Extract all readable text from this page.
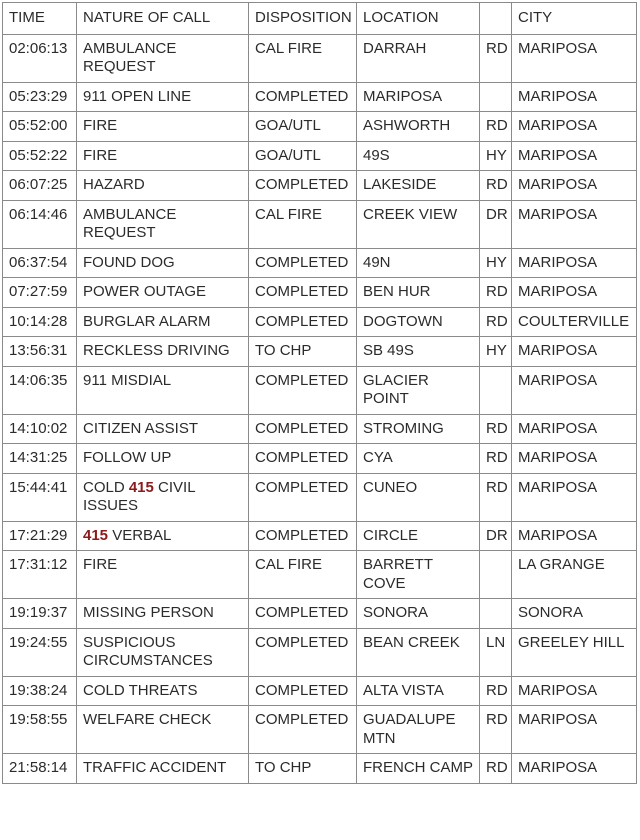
TIME	NATURE OF CALL	DISPOSITION	LOCATION		CITY
02:06:13	AMBULANCE REQUEST	CAL FIRE	DARRAH	RD	MARIPOSA
05:23:29	911 OPEN LINE	COMPLETED	MARIPOSA		MARIPOSA
05:52:00	FIRE	GOA/UTL	ASHWORTH	RD	MARIPOSA
05:52:22	FIRE	GOA/UTL	49S	HY	MARIPOSA
06:07:25	HAZARD	COMPLETED	LAKESIDE	RD	MARIPOSA
06:14:46	AMBULANCE REQUEST	CAL FIRE	CREEK VIEW	DR	MARIPOSA
06:37:54	FOUND DOG	COMPLETED	49N	HY	MARIPOSA
07:27:59	POWER OUTAGE	COMPLETED	BEN HUR	RD	MARIPOSA
10:14:28	BURGLAR ALARM	COMPLETED	DOGTOWN	RD	COULTERVILLE
13:56:31	RECKLESS DRIVING	TO CHP	SB 49S	HY	MARIPOSA
14:06:35	911 MISDIAL	COMPLETED	GLACIER POINT		MARIPOSA
14:10:02	CITIZEN ASSIST	COMPLETED	STROMING	RD	MARIPOSA
14:31:25	FOLLOW UP	COMPLETED	CYA	RD	MARIPOSA
15:44:41	COLD 415 CIVIL ISSUES	COMPLETED	CUNEO	RD	MARIPOSA
17:21:29	415 VERBAL	COMPLETED	CIRCLE	DR	MARIPOSA
17:31:12	FIRE	CAL FIRE	BARRETT COVE		LA GRANGE
19:19:37	MISSING PERSON	COMPLETED	SONORA		SONORA
19:24:55	SUSPICIOUS CIRCUMSTANCES	COMPLETED	BEAN CREEK	LN	GREELEY HILL
19:38:24	COLD THREATS	COMPLETED	ALTA VISTA	RD	MARIPOSA
19:58:55	WELFARE CHECK	COMPLETED	GUADALUPE MTN	RD	MARIPOSA
21:58:14	TRAFFIC ACCIDENT	TO CHP	FRENCH CAMP	RD	MARIPOSA
